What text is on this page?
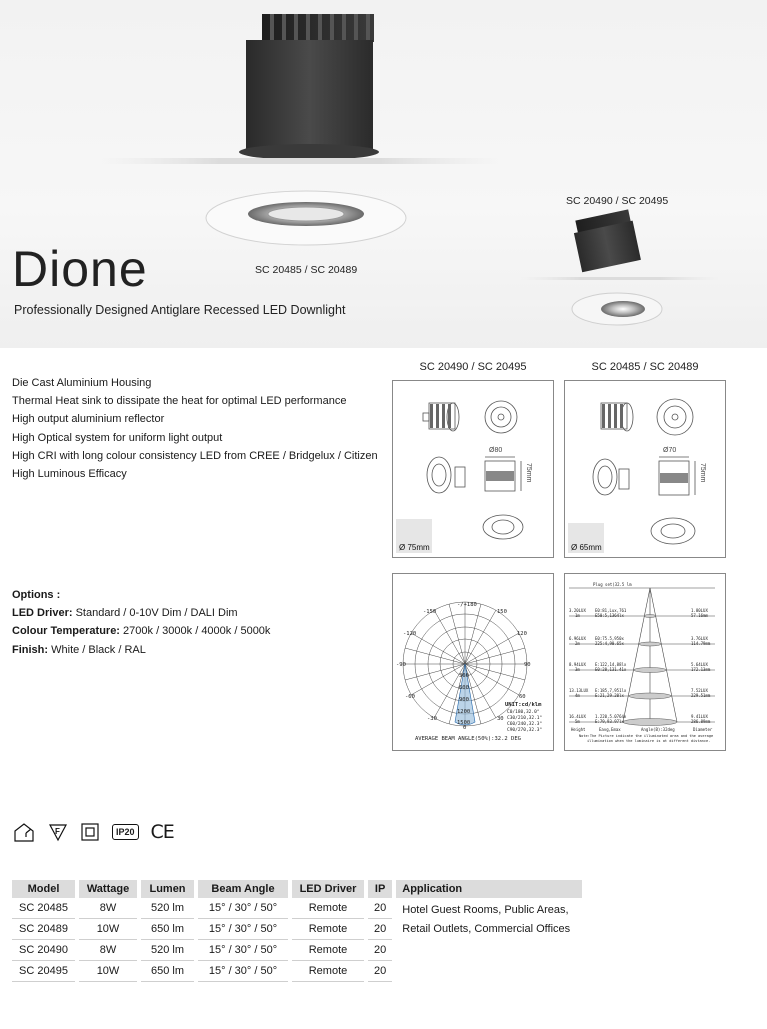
Dione
Professionally Designed Antiglare Recessed LED Downlight
SC 20485 / SC 20489
SC 20490 / SC 20495
Die Cast Aluminium Housing
Thermal Heat sink to dissipate the heat for optimal LED performance
High output aluminium reflector
High Optical system for uniform light output
High CRI with long colour consistency LED from CREE / Bridgelux / Citizen
High Luminous Efficacy
Options :
LED Driver: Standard / 0-10V Dim / DALI Dim
Colour Temperature: 2700k / 3000k / 4000k / 5000k
Finish: White / Black / RAL
SC 20490 / SC 20495	SC 20485 / SC 20489
Ø80
75mm
Ø 75mm
Ø70
75mm
Ø 65mm
-/+180
-150
-120
-90
-60
-30
150
120
90
60
30
0
300
600
900
1200
1500
UNIT:cd/klm
C0/180,32.0°
C30/210,32.1°
C60/240,32.3°
C90/270,32.3°
AVERAGE BEAM ANGLE(50%):32.2 DEG
Plug set(32.5 lm
3.20LUX
1m
E0:81,Lux,761
E50:5,1364lx
1.80LUX
57.16mm
6.96LUX
2m
E0:75.5,950x
225:4,90.65x
3.76LUX
114.79mm
8.94LUX
3m
E:122,14,88lx
E0:28,131.41x
5.64LUX
172.13mm
13.13LUX
4m
E:185,7,951lx
E:21,29.20lx
7.52LUX
229.51mm
16.4LUX
5m
1.220,5.0764x
E:79,93.97lx
9.41LUX
286.89mm
Height	Eavg,Emax	Angle(B):32deg	Diameter
Note:The Picture indicate the illuminated area and the average
illumination when the luminaire is at different distance.
F	IP20 CE
Model	Wattage	Lumen	Beam Angle	LED Driver	IP	Application
SC 20485	8W	520 lm	15° / 30° / 50°	Remote	20	Hotel Guest Rooms, Public Areas,
Retail Outlets, Commercial Offices

SC 20489	10W	650 lm	15° / 30° / 50°	Remote	20	
SC 20490	8W	520 lm	15° / 30° / 50°	Remote	20	
SC 20495	10W	650 lm	15° / 30° / 50°	Remote	20	
